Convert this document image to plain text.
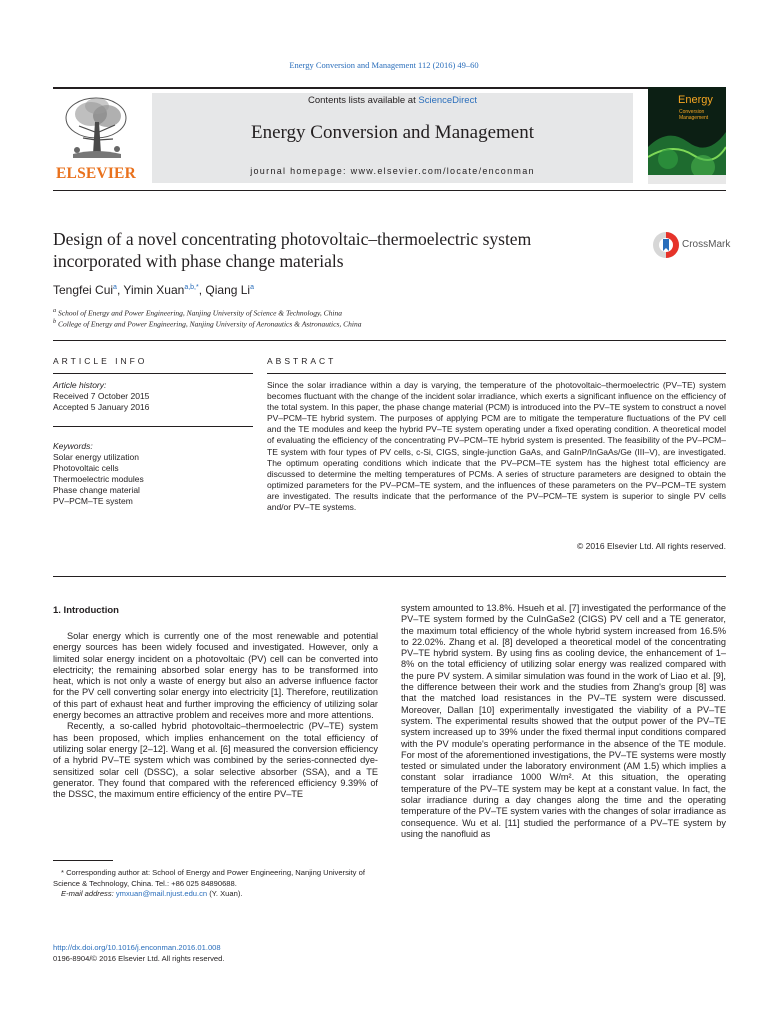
Energy Conversion and Management 112 (2016) 49–60
ELSEVIER
Contents lists available at ScienceDirect
Energy Conversion and Management
journal homepage: www.elsevier.com/locate/enconman
Energy
Conversion
Management
Design of a novel concentrating photovoltaic–thermoelectric system
incorporated with phase change materials
CrossMark
Tengfei Cui$^a$, Yimin Xuan$^{a,b,*}$, Qiang Li$^a$
$^a$ School of Energy and Power Engineering, Nanjing University of Science & Technology, China
$^b$ College of Energy and Power Engineering, Nanjing University of Aeronautics & Astronautics, China
ARTICLE INFO	ABSTRACT
Article history:
Received 7 October 2015
Accepted 5 January 2016
Keywords:
Solar energy utilization
Photovoltaic cells
Thermoelectric modules
Phase change material
PV–PCM–TE system
Since the solar irradiance within a day is varying, the temperature of the photovoltaic–thermoelectric (PV–TE) system becomes fluctuant with the change of the incident solar irradiance, which exerts a significant influence on the efficiency of the total system. In this paper, the phase change material (PCM) is introduced into the PV–TE system to construct a novel PV–PCM–TE hybrid system. The purposes of applying PCM are to mitigate the temperature fluctuations of the PV cell and the TE modules and keep the hybrid PV–TE system operating under a fixed operating condition. A theoretical model of evaluating the efficiency of the concentrating PV–PCM–TE hybrid system is presented. The feasibility of the PV–PCM–TE system with four types of PV cells, c-Si, CIGS, single-junction GaAs, and GaInP/InGaAs/Ge (III–V), are investigated. The optimum operating conditions which indicate that the PV–PCM–TE system has the highest total efficiency are discussed to determine the melting temperatures of PCMs. A series of structure parameters are designed to obtain the optimized parameters for the PV–PCM–TE system, and the influences of these parameters on the PV–PCM–TE system are investigated. The results indicate that the performance of the PV–PCM–TE system is superior to single PV cells and/or PV–TE systems.
© 2016 Elsevier Ltd. All rights reserved.
1. Introduction

Solar energy which is currently one of the most renewable and potential energy sources has been widely focused and investigated. However, only a limited solar energy incident on a photovoltaic (PV) cell can be converted into electricity; the remaining absorbed solar energy has to be transformed into heat, which is not only a waste of energy but also an adverse influence factor for the PV cell converting solar energy into electricity [1]. Therefore, reutilization of this part of exhaust heat and further improving the efficiency of utilizing solar energy becomes an attractive problem and receives more and more attentions.

Recently, a so-called hybrid photovoltaic–thermoelectric (PV–TE) system has been proposed, which implies enhancement on the total efficiency of utilizing solar energy [2–12]. Wang et al. [6] measured the conversion efficiency of a hybrid PV–TE system which was combined by the series-connected dye-sensitized solar cell (DSSC), a solar selective absorber (SSA), and a TE generator. They found that compared with the referenced efficiency 9.39% of the DSSC, the maximum entire efficiency of the entire PV–TE

system amounted to 13.8%. Hsueh et al. [7] investigated the performance of the PV–TE system formed by the CuInGaSe2 (CIGS) PV cell and a TE generator, the maximum total efficiency of the whole hybrid system increased from 16.5% to 22.02%. Zhang et al. [8] developed a theoretical model of the concentrating PV–TE hybrid system. By using fins as cooling device, the enhancement of 1–8% on the total efficiency of utilizing solar energy was realized compared with the pure PV system. A similar simulation was found in the work of Liao et al. [9], the difference between their work and the studies from Zhang's group [8] was that the matched load resistances in the PV–TE system were discussed. Moreover, Dallan [10] experimentally investigated the viability of a PV–TE system. The experimental results showed that the output power of the PV–TE system increased up to 39% under the fixed thermal input conditions compared with the PV module's operating performance in the absence of the TE module. For most of the aforementioned investigations, the PV–TE systems were mostly tested or simulated under the laboratory environment (AM 1.5) which implies a constant solar irradiance 1000 W/m². At this situation, the operating temperature of the PV–TE system may be kept at a constant value. In fact, the solar irradiance during a day changes along the time and the operating temperature of the PV–TE system varies with the changes of solar irradiance as consequence. Wu et al. [11] studied the performance of a PV–TE system by using the nanofluid as

* Corresponding author at: School of Energy and Power Engineering, Nanjing University of Science & Technology, China. Tel.: +86 025 84890688.

E-mail address: ymxuan@mail.njust.edu.cn (Y. Xuan).

http://dx.doi.org/10.1016/j.enconman.2016.01.008
0196-8904/© 2016 Elsevier Ltd. All rights reserved.
